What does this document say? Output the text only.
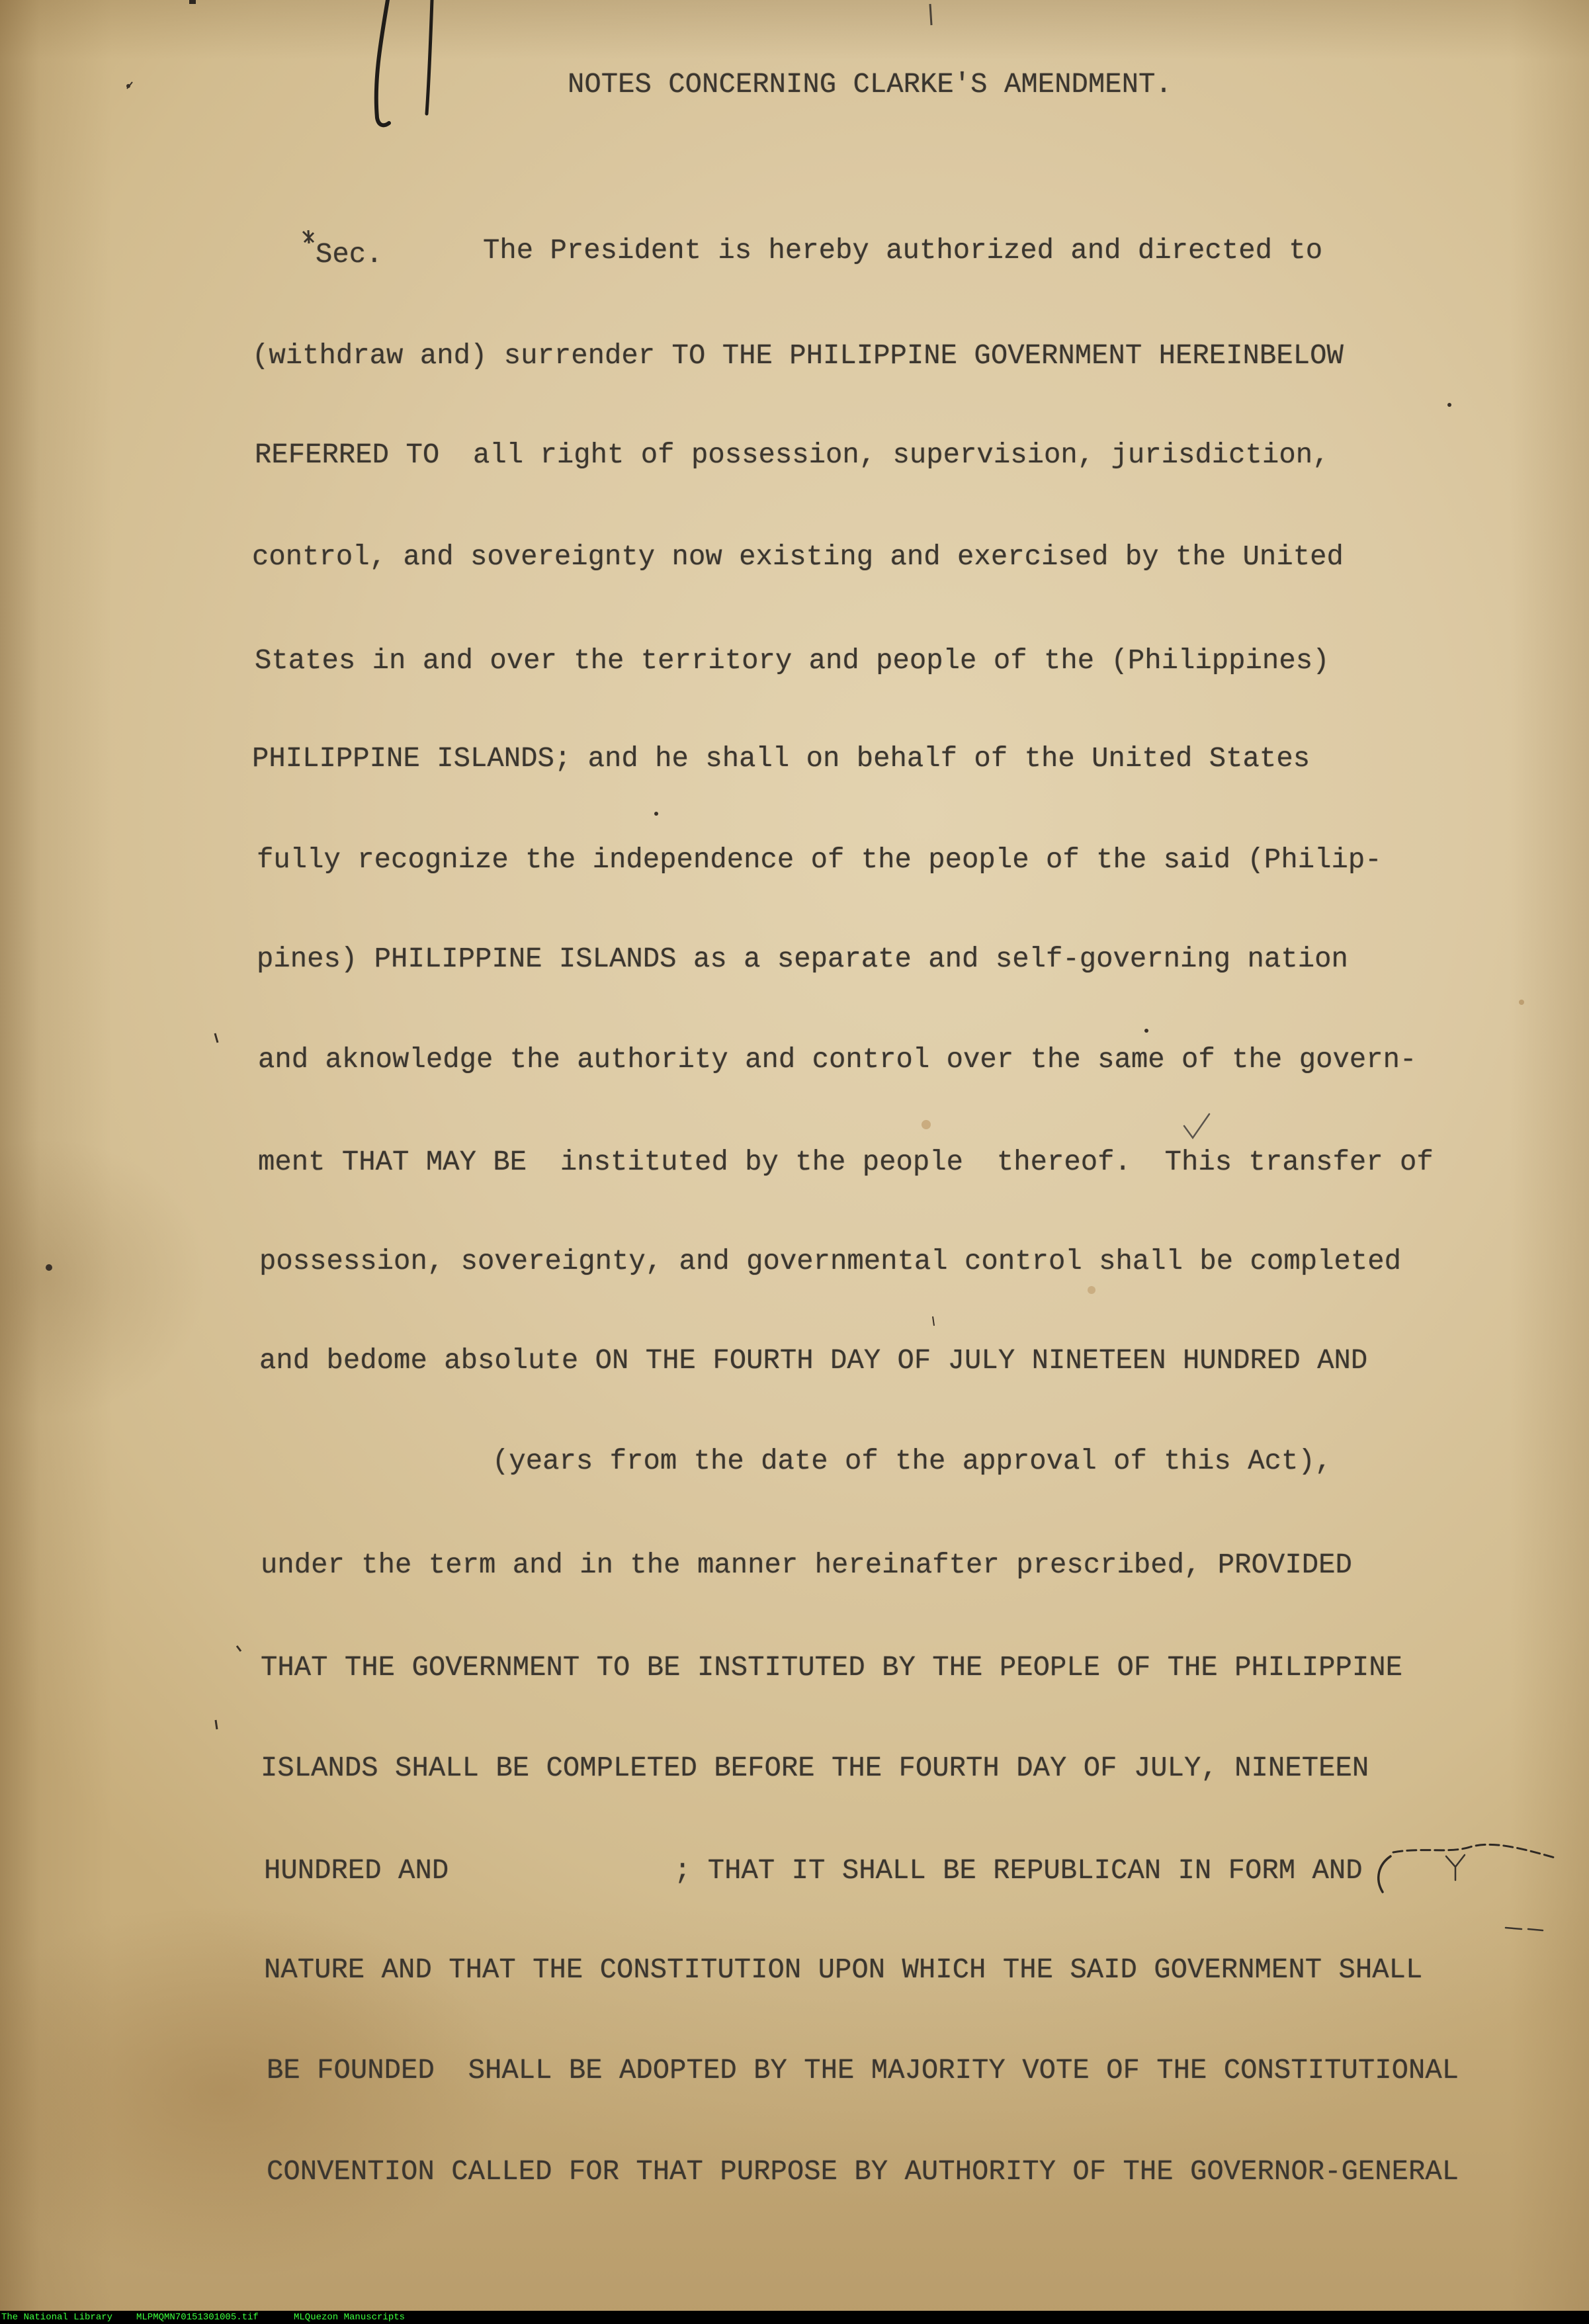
NOTES CONCERNING CLARKE'S AMENDMENT.
Sec.	The President is hereby authorized and directed to
(withdraw and) surrender TO THE PHILIPPINE GOVERNMENT HEREINBELOW
REFERRED TO  all right of possession, supervision, jurisdiction,
control, and sovereignty now existing and exercised by the United
States in and over the territory and people of the (Philippines)
PHILIPPINE ISLANDS; and he shall on behalf of the United States
fully recognize the independence of the people of the said (Philip-
pines) PHILIPPINE ISLANDS as a separate and self-governing nation
and aknowledge the authority and control over the same of the govern-
ment THAT MAY BE  instituted by the people  thereof.  This transfer of
possession, sovereignty, and governmental control shall be completed
and bedome absolute ON THE FOURTH DAY OF JULY NINETEEN HUNDRED AND
(years from the date of the approval of this Act),
under the term and in the manner hereinafter prescribed, PROVIDED
THAT THE GOVERNMENT TO BE INSTITUTED BY THE PEOPLE OF THE PHILIPPINE
ISLANDS SHALL BE COMPLETED BEFORE THE FOURTH DAY OF JULY, NINETEEN
HUNDRED AND	; THAT IT SHALL BE REPUBLICAN IN FORM AND
NATURE AND THAT THE CONSTITUTION UPON WHICH THE SAID GOVERNMENT SHALL
BE FOUNDED  SHALL BE ADOPTED BY THE MAJORITY VOTE OF THE CONSTITUTIONAL
CONVENTION CALLED FOR THAT PURPOSE BY AUTHORITY OF THE GOVERNOR-GENERAL
The National Library	MLPMQMN70151301005.tif	MLQuezon Manuscripts
